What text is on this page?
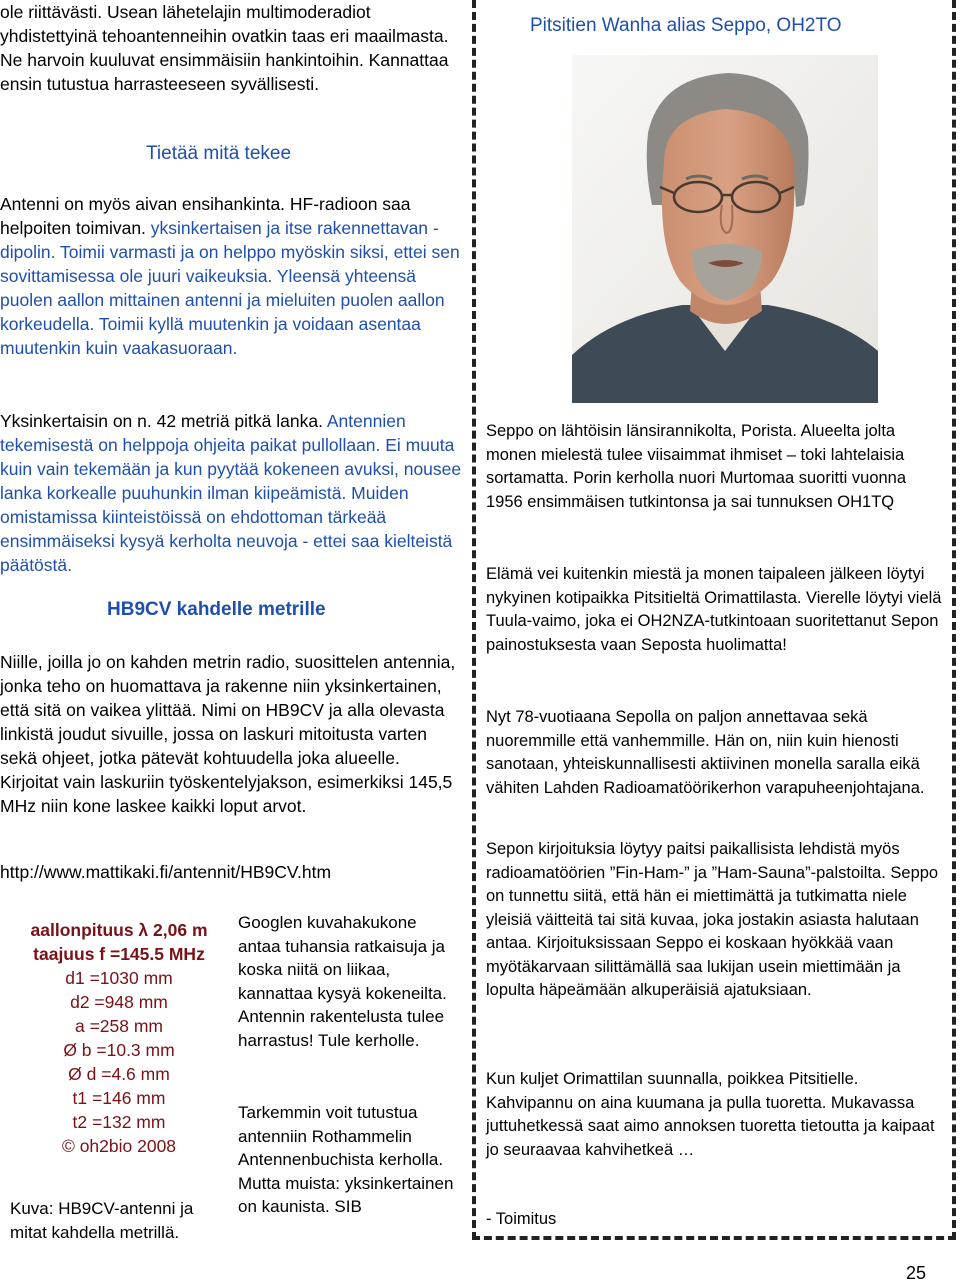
ole riittävästi. Usean lähetelajin multimoderadiot yhdistettyinä tehoantenneihin ovatkin taas eri maailmasta. Ne harvoin kuuluvat ensimmäisiin hankintoihin. Kannattaa ensin tutustua harrasteeseen syvällisesti.

Tietää mitä tekee

Antenni on myös aivan ensihankinta. HF-radioon saa helpoiten toimivan. yksinkertaisen ja itse rakennettavan - dipolin. Toimii varmasti ja on helppo myöskin siksi, ettei sen sovittamisessa ole juuri vaikeuksia. Yleensä yhteensä puolen aallon mittainen antenni ja mieluiten puolen aallon korkeudella. Toimii kyllä muutenkin ja voidaan asentaa muutenkin kuin vaakasuoraan.

Yksinkertaisin on n. 42 metriä pitkä lanka. Antennien tekemisestä on helppoja ohjeita paikat pullollaan. Ei muuta kuin vain tekemään ja kun pyytää kokeneen avuksi, nousee lanka korkealle puuhunkin ilman kiipeämistä. Muiden omistamissa kiinteistöissä on ehdottoman tärkeää ensimmäiseksi kysyä kerholta neuvoja - ettei saa kielteistä päätöstä.

HB9CV kahdelle metrille

Niille, joilla jo on kahden metrin radio, suosittelen antennia, jonka teho on huomattava ja rakenne niin yksinkertainen, että sitä on vaikea ylittää. Nimi on HB9CV ja alla olevasta linkistä joudut sivuille, jossa on laskuri mitoitusta varten sekä ohjeet, jotka pätevät kohtuudella joka alueelle. Kirjoitat vain laskuriin työskentelyjakson, esimerkiksi 145,5 MHz niin kone laskee kaikki loput arvot.

http://www.mattikaki.fi/antennit/HB9CV.htm

aallonpituus λ 2,06 m

taajuus f =145.5 MHz

d1 =1030 mm

d2 =948 mm

a =258 mm

Ø b =10.3 mm

Ø d =4.6 mm

t1 =146 mm

t2 =132 mm

© oh2bio 2008

Kuva: HB9CV-antenni ja mitat kahdella metrillä.

Googlen kuvahakukone antaa tuhansia ratkaisuja ja koska niitä on liikaa, kannattaa kysyä kokeneilta. Antennin rakentelusta tulee harrastus! Tule kerholle.

Tarkemmin voit tutustua antenniin Rothammelin Antennenbuchista kerholla. Mutta muista: yksinkertainen on kaunista. SIB

Pitsitien Wanha alias Seppo, OH2TO

Seppo on lähtöisin länsirannikolta, Porista. Alueelta jolta monen mielestä tulee viisaimmat ihmiset – toki lahtelaisia sortamatta. Porin kerholla nuori Murtomaa suoritti vuonna 1956 ensimmäisen tutkintonsa ja sai tunnuksen OH1TQ

Elämä vei kuitenkin miestä ja monen taipaleen jälkeen löytyi nykyinen kotipaikka Pitsitieltä Orimattilasta. Vierelle löytyi vielä Tuula-vaimo, joka ei OH2NZA-tutkintoaan suoritettanut Sepon painostuksesta vaan Seposta huolimatta!

Nyt 78-vuotiaana Sepolla on paljon annettavaa sekä nuoremmille että vanhemmille. Hän on, niin kuin hienosti sanotaan, yhteiskunnallisesti aktiivinen monella saralla eikä vähiten Lahden Radioamatöörikerhon varapuheenjohtajana.

Sepon kirjoituksia löytyy paitsi paikallisista lehdistä myös radioamatöörien ”Fin-Ham-” ja ”Ham-Sauna”-palstoilta. Seppo on tunnettu siitä, että hän ei miettimättä ja tutkimatta niele yleisiä väitteitä tai sitä kuvaa, joka jostakin asiasta halutaan antaa. Kirjoituksissaan Seppo ei koskaan hyökkää vaan myötäkarvaan silittämällä saa lukijan usein miettimään ja lopulta häpeämään alkuperäisiä ajatuksiaan.

Kun kuljet Orimattilan suunnalla, poikkea Pitsitielle. Kahvipannu on aina kuumana ja pulla tuoretta. Mukavassa juttuhetkessä saat aimo annoksen tuoretta tietoutta ja kaipaat jo seuraavaa kahvihetkeä …

- Toimitus

25
